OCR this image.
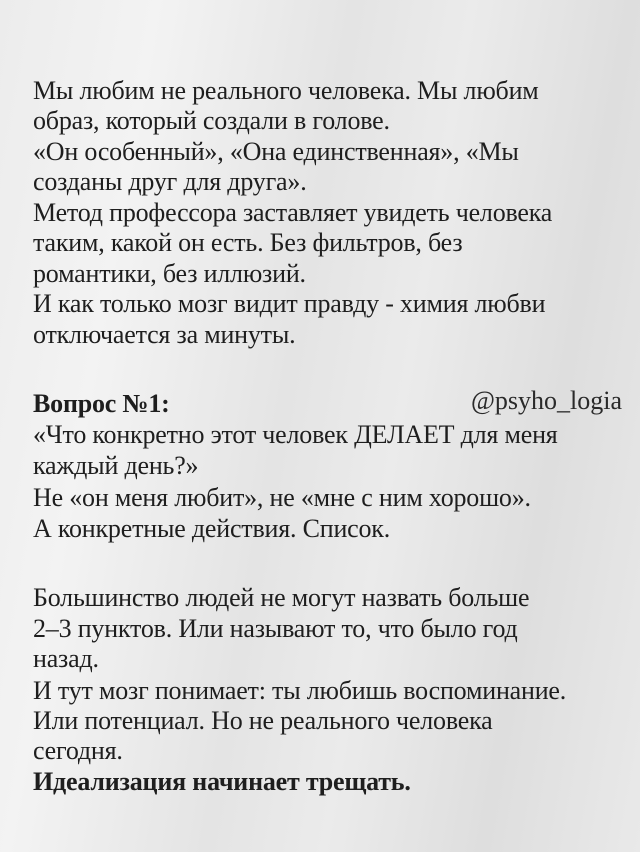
Мы любим не реального человека. Мы любим
образ, который создали в голове.
«Он особенный», «Она единственная», «Мы
созданы друг для друга».
Метод профессора заставляет увидеть человека
таким, какой он есть. Без фильтров, без
романтики, без иллюзий.
И как только мозг видит правду - химия любви
отключается за минуты.
Вопрос №1:	@psyho_logia
«Что конкретно этот человек ДЕЛАЕТ для меня
каждый день?»
Не «он меня любит», не «мне с ним хорошо».
А конкретные действия. Список.
Большинство людей не могут назвать больше
2–3 пунктов. Или называют то, что было год
назад.
И тут мозг понимает: ты любишь воспоминание.
Или потенциал. Но не реального человека
сегодня.
Идеализация начинает трещать.
